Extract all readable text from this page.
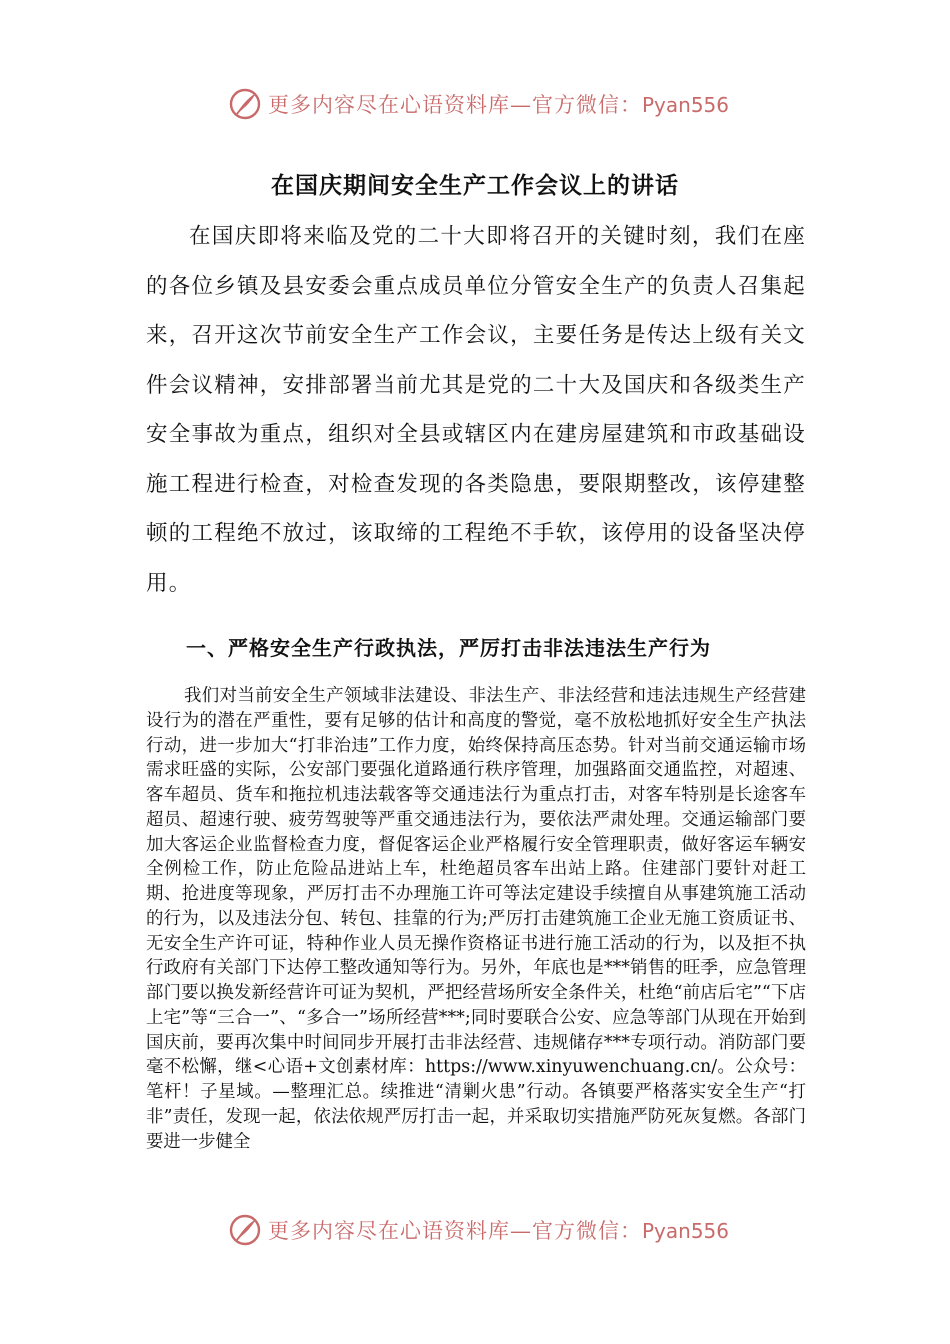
更多内容尽在心语资料库—官方微信：Pyan556
在国庆期间安全生产工作会议上的讲话

在国庆即将来临及党的二十大即将召开的关键时刻，我们在座的各位乡镇及县安委会重点成员单位分管安全生产的负责人召集起来，召开这次节前安全生产工作会议，主要任务是传达上级有关文件会议精神，安排部署当前尤其是党的二十大及国庆和各级类生产安全事故为重点，组织对全县或辖区内在建房屋建筑和市政基础设施工程进行检查，对检查发现的各类隐患，要限期整改，该停建整顿的工程绝不放过，该取缔的工程绝不手软，该停用的设备坚决停用。

一、严格安全生产行政执法，严厉打击非法违法生产行为

我们对当前安全生产领域非法建设、非法生产、非法经营和违法违规生产经营建设行为的潜在严重性，要有足够的估计和高度的警觉，毫不放松地抓好安全生产执法行动，进一步加大“打非治违”工作力度，始终保持高压态势。针对当前交通运输市场需求旺盛的实际，公安部门要强化道路通行秩序管理，加强路面交通监控，对超速、客车超员、货车和拖拉机违法载客等交通违法行为重点打击，对客车特别是长途客车超员、超速行驶、疲劳驾驶等严重交通违法行为，要依法严肃处理。交通运输部门要加大客运企业监督检查力度，督促客运企业严格履行安全管理职责，做好客运车辆安全例检工作，防止危险品进站上车，杜绝超员客车出站上路。住建部门要针对赶工期、抢进度等现象，严厉打击不办理施工许可等法定建设手续擅自从事建筑施工活动的行为，以及违法分包、转包、挂靠的行为;严厉打击建筑施工企业无施工资质证书、无安全生产许可证，特种作业人员无操作资格证书进行施工活动的行为，以及拒不执行政府有关部门下达停工整改通知等行为。另外，年底也是***销售的旺季，应急管理部门要以换发新经营许可证为契机，严把经营场所安全条件关，杜绝“前店后宅”“下店上宅”等“三合一”、“多合一”场所经营***;同时要联合公安、应急等部门从现在开始到国庆前，要再次集中时间同步开展打击非法经营、违规储存***专项行动。消防部门要毫不松懈，继<心语+文创素材库：https://www.xinyuwenchuang.cn/。公众号：笔杆！子星域。—整理汇总。续推进“清剿火患”行动。各镇要严格落实安全生产“打非”责任，发现一起，依法依规严厉打击一起，并采取切实措施严防死灰复燃。各部门要进一步健全

更多内容尽在心语资料库—官方微信：Pyan556
